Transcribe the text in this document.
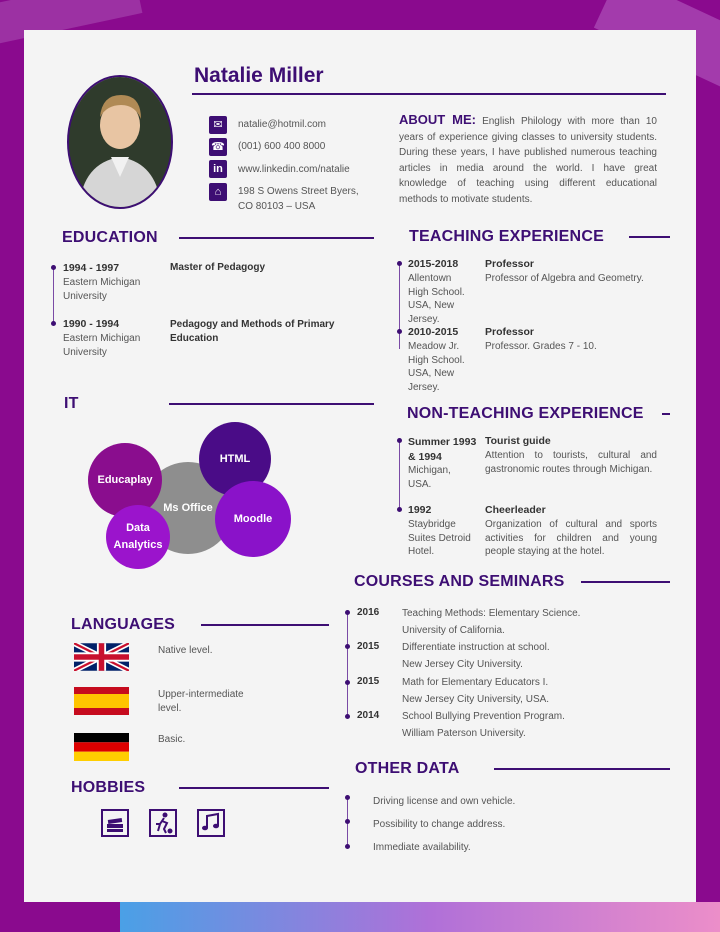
Natalie Miller
✉	natalie@hotmil.com
☎ (001) 600 400 8000
in	www.linkedin.com/natalie
⌂	198 S Owens Street Byers,
CO 80103 – USA
ABOUT ME: English Philology with more than 10 years of experience giving classes to university students. During these years, I have published numerous teaching articles in media around the world. I have great knowledge of teaching using different educational methods to motivate students.
EDUCATION
1994 - 1997
Eastern Michigan University
Master of Pedagogy
1990 - 1994
Eastern Michigan University
Pedagogy and Methods of Primary Education
TEACHING EXPERIENCE
2015-2018
Allentown High School. USA, New Jersey.
Professor
Professor of Algebra and Geometry.
2010-2015
Meadow Jr. High School. USA, New Jersey.
Professor
Professor. Grades 7 - 10.
IT
Ms Office
Educaplay
HTML
Moodle
Data Analytics
NON-TEACHING EXPERIENCE
Summer 1993 & 1994
Michigan, USA.
Tourist guide
Attention to tourists, cultural and gastronomic routes through Michigan.
1992
Staybridge Suites Detroid Hotel.
Cheerleader
Organization of cultural and sports activities for children and young people staying at the hotel.
COURSES AND SEMINARS
2016 Teaching Methods: Elementary Science.
University of California.
2015 Differentiate instruction at school.
New Jersey City University.
2015 Math for Elementary Educators I.
New Jersey City University, USA.
2014 School Bullying Prevention Program.
William Paterson University.
LANGUAGES
Native level.
Upper-intermediate level.
Basic.
OTHER DATA
Driving license and own vehicle.
Possibility to change address.
Immediate availability.
HOBBIES
